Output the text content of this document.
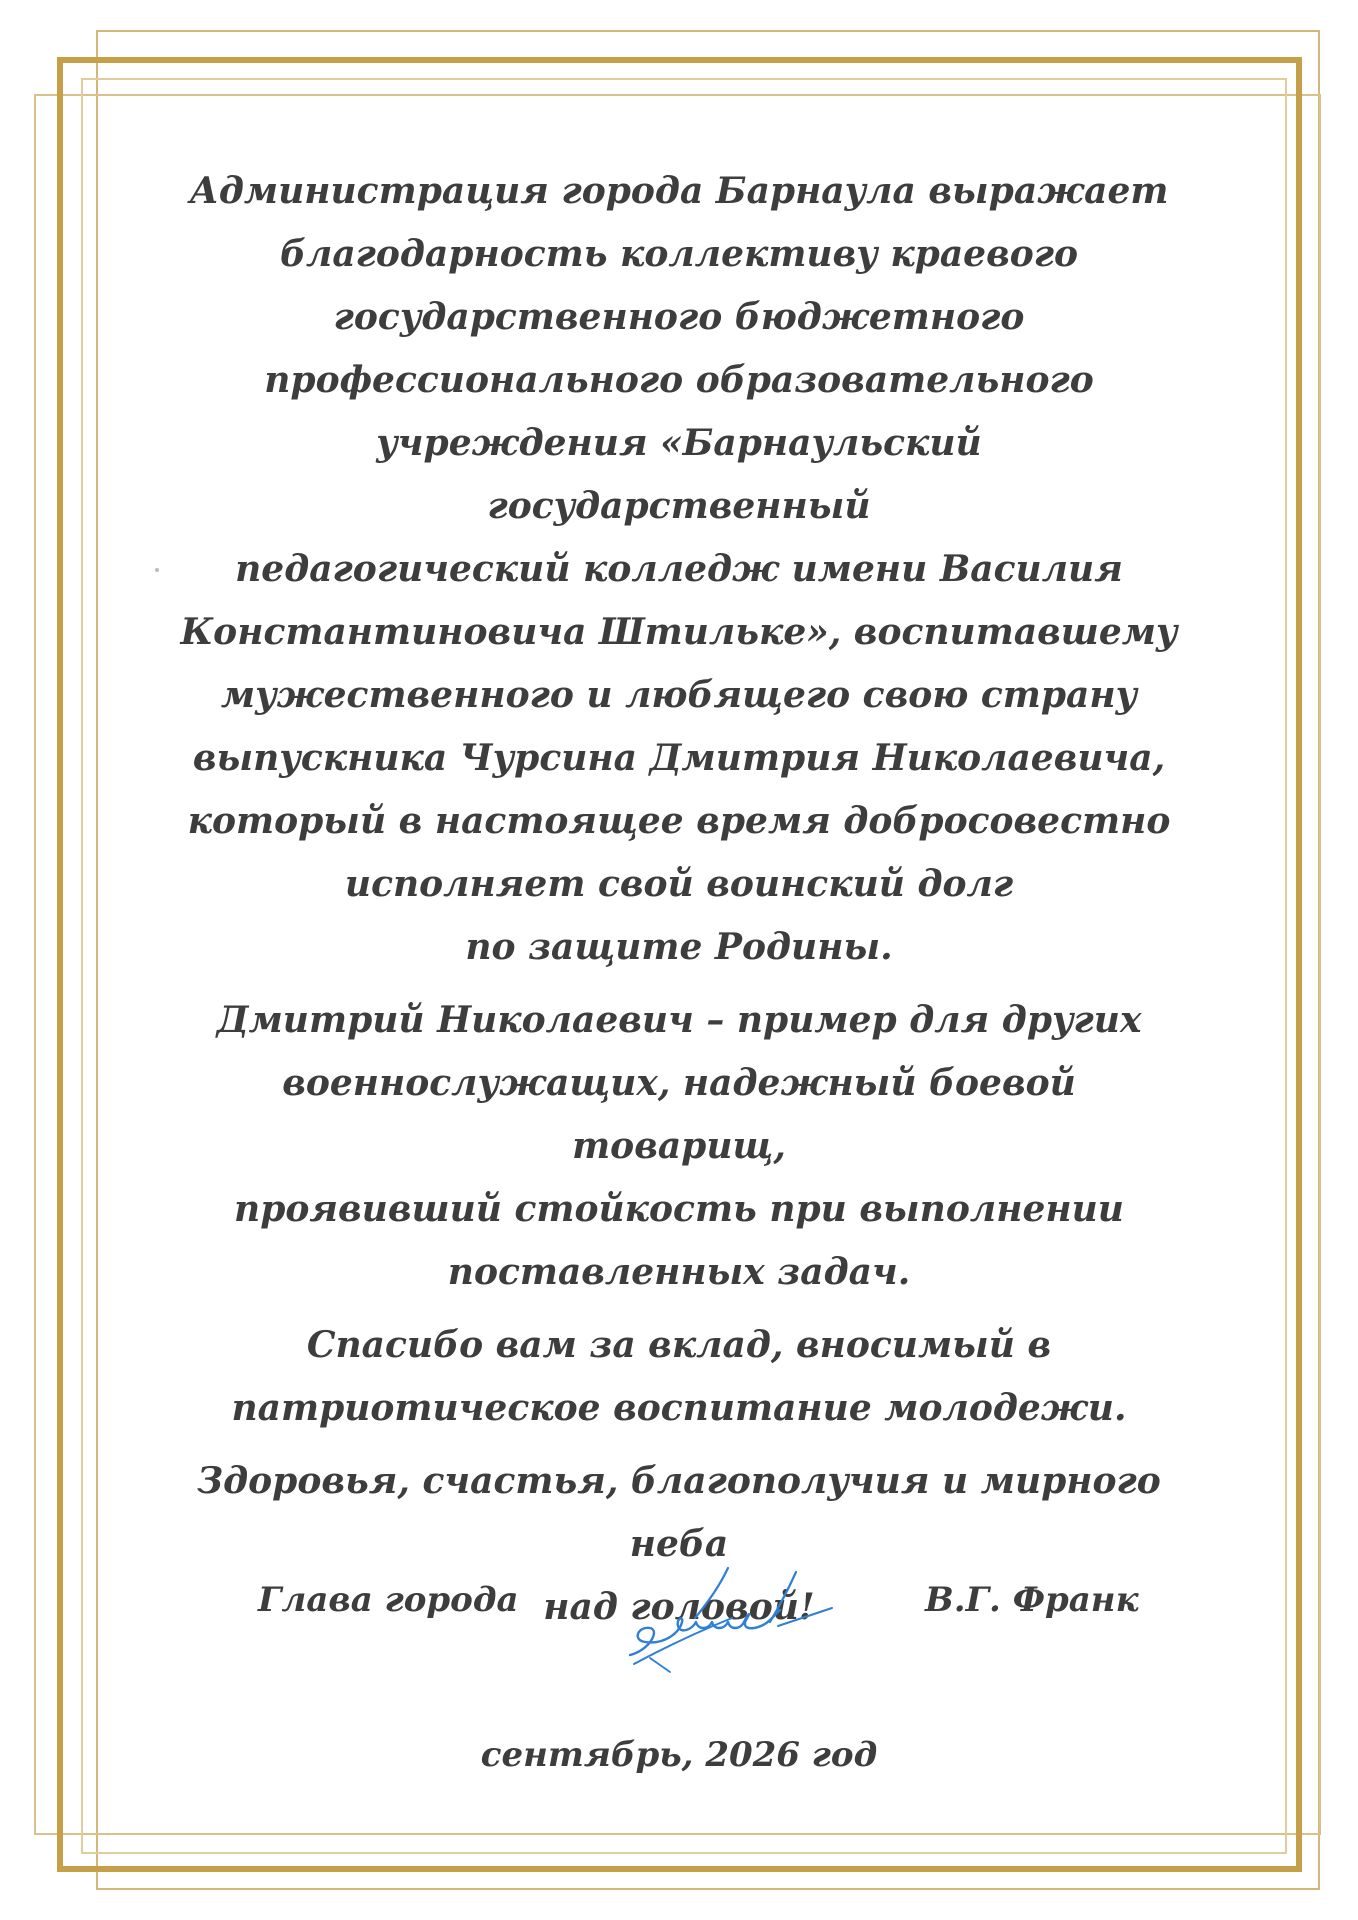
Администрация города Барнаула выражает
благодарность коллективу краевого
государственного бюджетного
профессионального образовательного
учреждения «Барнаульский государственный
педагогический колледж имени Василия
Константиновича Штильке», воспитавшему
мужественного и любящего свою страну
выпускника Чурсина Дмитрия Николаевича,
который в настоящее время добросовестно
исполняет свой воинский долг
по защите Родины.

Дмитрий Николаевич – пример для других
военнослужащих, надежный боевой товарищ,
проявивший стойкость при выполнении
поставленных задач.

Спасибо вам за вклад, вносимый в
патриотическое воспитание молодежи.

Здоровья, счастья, благополучия и мирного неба
над головой!

Глава города	В.Г. Франк
сентябрь, 2026 год
